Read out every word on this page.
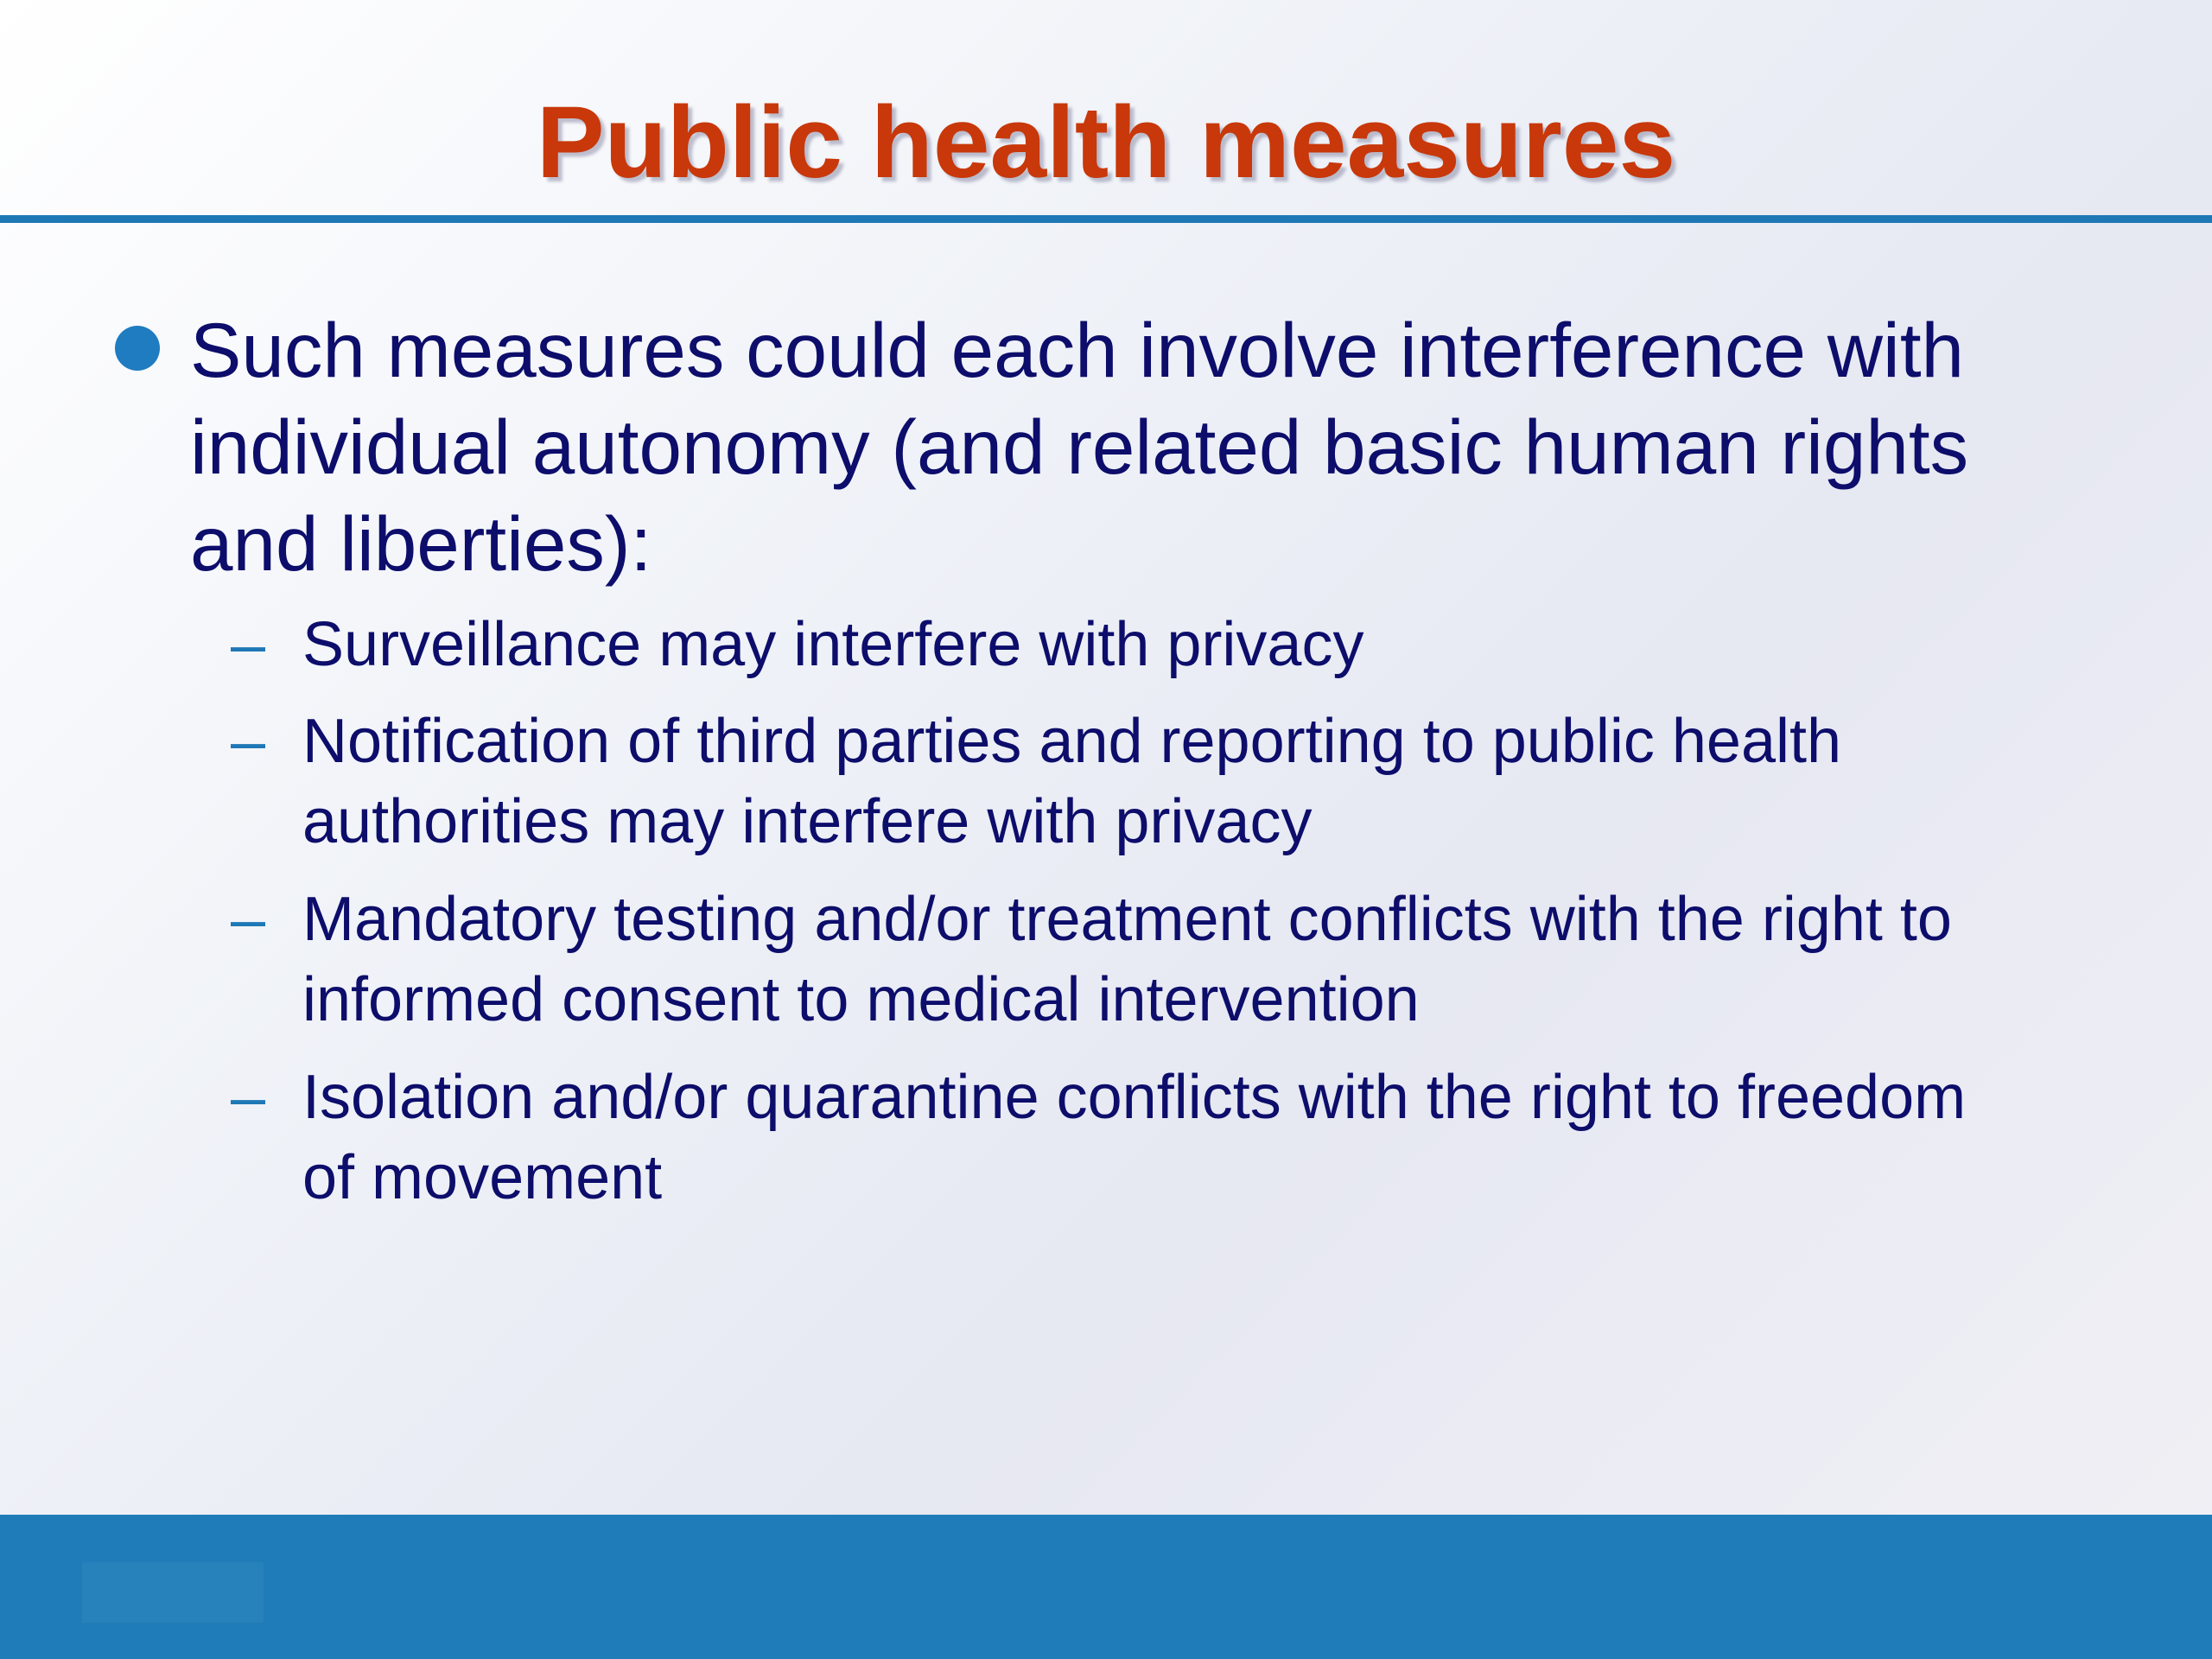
Public health measures
Such measures could each involve interference with
individual autonomy (and related basic human rights
and liberties):
– Surveillance may interfere with privacy
– Notification of third parties and reporting to public health
authorities may interfere with privacy
– Mandatory testing and/or treatment conflicts with the right to
informed consent to medical intervention
– Isolation and/or quarantine conflicts with the right to freedom
of movement
